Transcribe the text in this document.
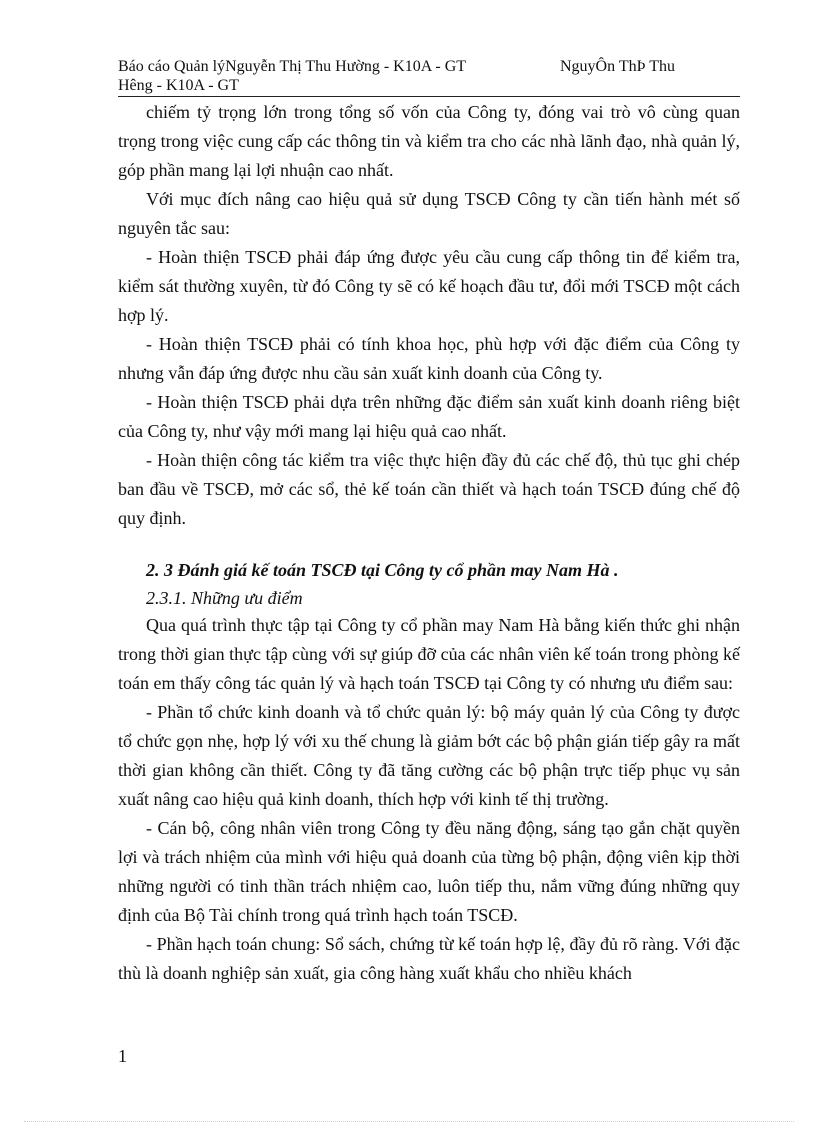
Báo cáo Quản lýNguyễn Thị Thu Hường - K10A - GT	NguyÔn ThÞ Thu
Hêng - K10A - GT

chiếm tỷ trọng lớn trong tổng số vốn của Công ty, đóng vai trò vô cùng quan trọng trong việc cung cấp các thông tin và kiểm tra cho các nhà lãnh đạo, nhà quản lý, góp phần mang lại lợi nhuận cao nhất.

Với mục đích nâng cao hiệu quả sử dụng TSCĐ Công ty cần tiến hành mét số nguyên tắc sau:

- Hoàn thiện TSCĐ phải đáp ứng được yêu cầu cung cấp thông tin để kiểm tra, kiểm sát thường xuyên, từ đó Công ty sẽ có kế hoạch đầu tư, đổi mới TSCĐ một cách hợp lý.

- Hoàn thiện TSCĐ phải có tính khoa học, phù hợp với đặc điểm của Công ty nhưng vẫn đáp ứng được nhu cầu sản xuất kinh doanh của Công ty.

- Hoàn thiện TSCĐ phải dựa trên những đặc điểm sản xuất kinh doanh riêng biệt của Công ty, như vậy mới mang lại hiệu quả cao nhất.

- Hoàn thiện công tác kiểm tra việc thực hiện đầy đủ các chế độ, thủ tục ghi chép ban đầu về TSCĐ, mở các sổ, thẻ kế toán cần thiết và hạch toán TSCĐ đúng chế độ quy định.

2. 3 Đánh giá kế toán TSCĐ tại Công ty cổ phần may Nam Hà .
2.3.1. Những ưu điểm

Qua quá trình thực tập tại Công ty cổ phần may Nam Hà bằng kiến thức ghi nhận trong thời gian thực tập cùng với sự giúp đỡ của các nhân viên kế toán trong phòng kế toán em thấy công tác quản lý và hạch toán TSCĐ tại Công ty có nhưng ưu điểm sau:

- Phần tổ chức kinh doanh và tổ chức quản lý: bộ máy quản lý của Công ty được tổ chức gọn nhẹ, hợp lý với xu thế chung là giảm bớt các bộ phận gián tiếp gây ra mất thời gian không cần thiết. Công ty đã tăng cường các bộ phận trực tiếp phục vụ sản xuất nâng cao hiệu quả kinh doanh, thích hợp với kinh tế thị trường.

- Cán bộ, công nhân viên trong Công ty đều năng động, sáng tạo gắn chặt quyền lợi và trách nhiệm của mình với hiệu quả doanh của từng bộ phận, động viên kịp thời những người có tinh thần trách nhiệm cao, luôn tiếp thu, nắm vững đúng những quy định của Bộ Tài chính trong quá trình hạch toán TSCĐ.

- Phần hạch toán chung: Sổ sách, chứng từ kế toán hợp lệ, đầy đủ rõ ràng. Với đặc thù là doanh nghiệp sản xuất, gia công hàng xuất khẩu cho nhiều khách

1
